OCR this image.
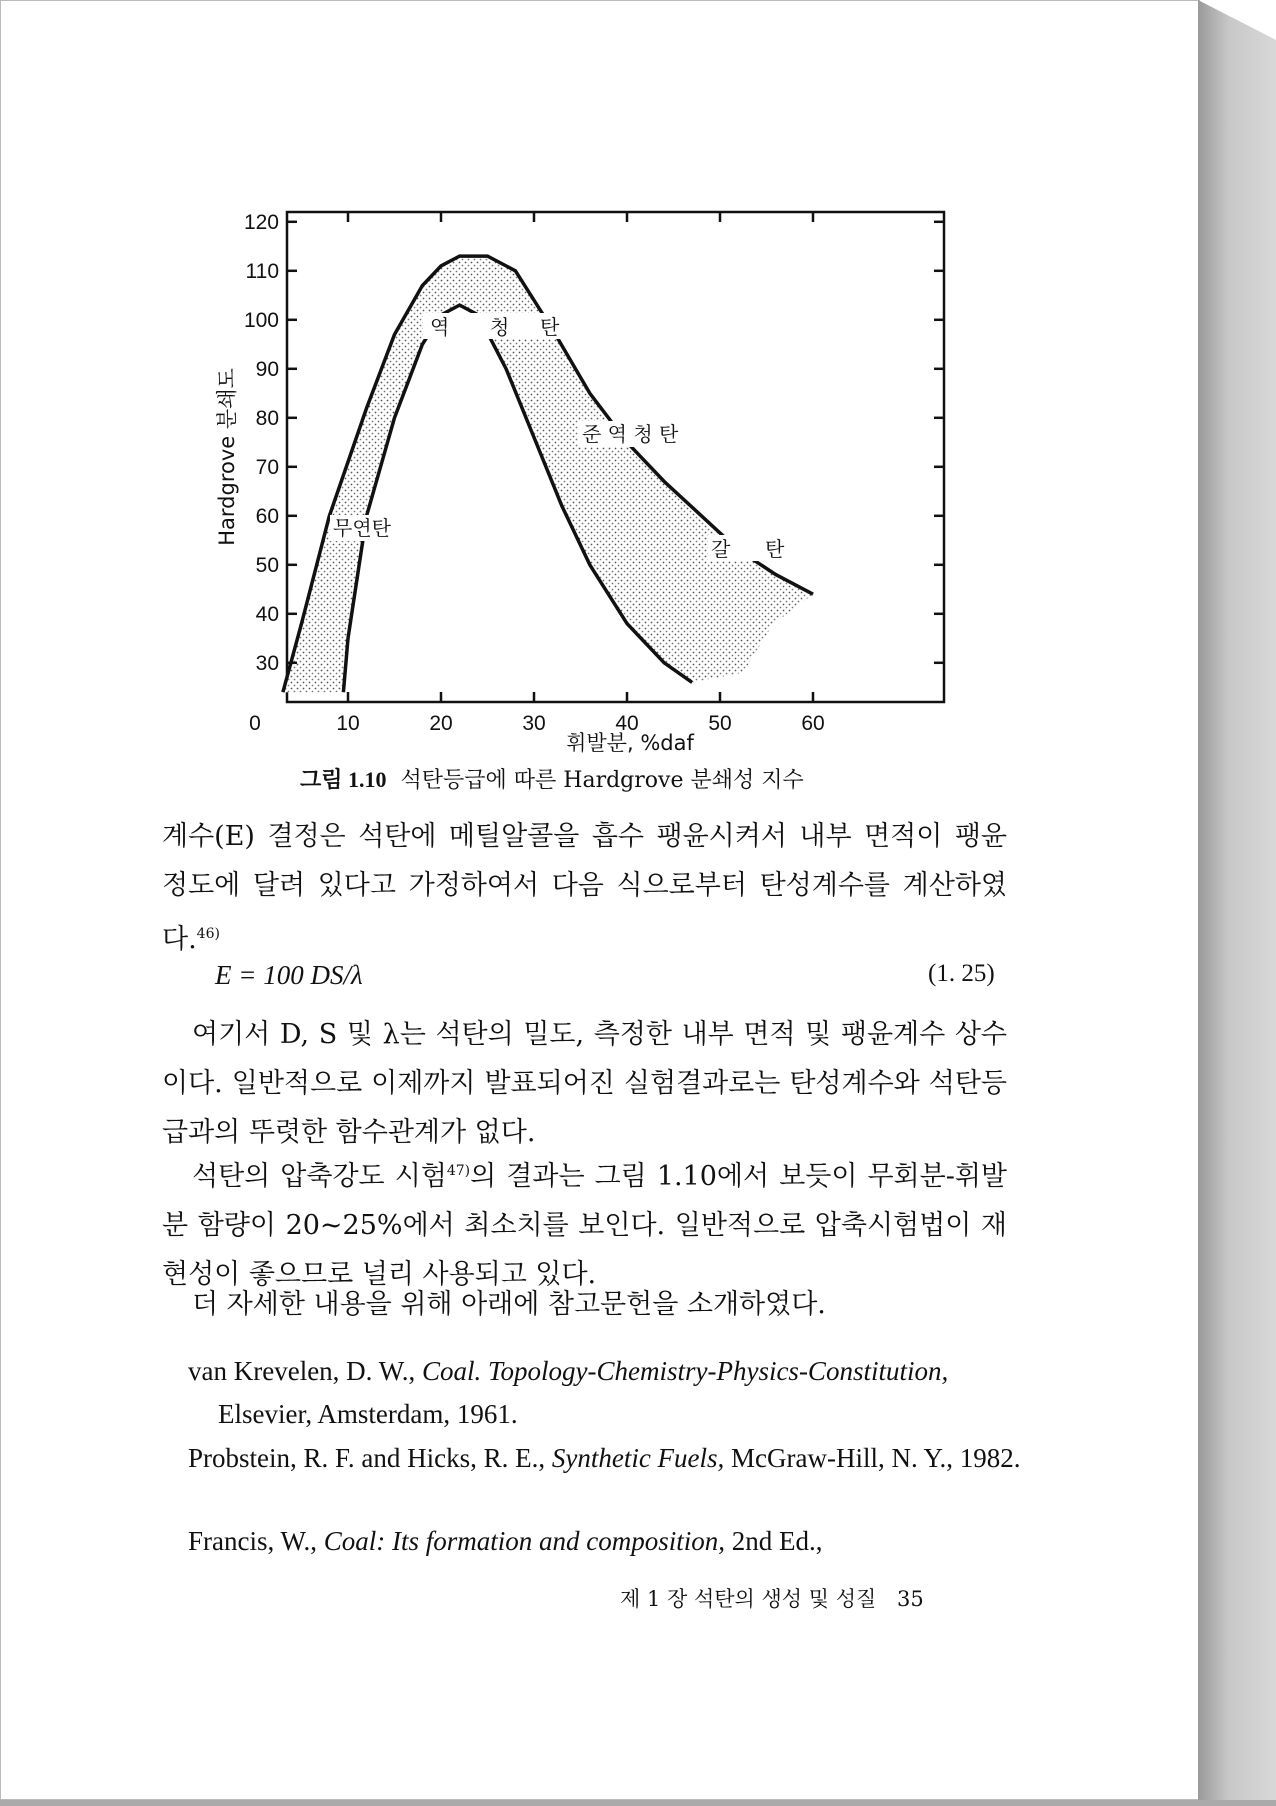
30
40
50
60
70
80
90
100
110
120
0	10	20	30	40	50	60
역 청 탄
준 역 청 탄
무연탄
갈 탄
휘발분, %daf
Hardgrove 분쇄도
그림 1.10 석탄등급에 따른 Hardgrove 분쇄성 지수

계수(E) 결정은 석탄에 메틸알콜을 흡수 팽윤시켜서 내부 면적이 팽윤 정도에 달려 있다고 가정하여서 다음 식으로부터 탄성계수를 계산하였다.$^{46)}$

E = 100 DS/λ	(1. 25)

여기서 D, S 및 λ는 석탄의 밀도, 측정한 내부 면적 및 팽윤계수 상수이다. 일반적으로 이제까지 발표되어진 실험결과로는 탄성계수와 석탄등급과의 뚜렷한 함수관계가 없다.

석탄의 압축강도 시험$^{47)}$의 결과는 그림 1.10에서 보듯이 무회분-휘발분 함량이 20~25%에서 최소치를 보인다. 일반적으로 압축시험법이 재현성이 좋으므로 널리 사용되고 있다.

더 자세한 내용을 위해 아래에 참고문헌을 소개하였다.

van Krevelen, D. W., Coal. Topology-Chemistry-Physics-Constitution, Elsevier, Amsterdam, 1961.

Probstein, R. F. and Hicks, R. E., Synthetic Fuels, McGraw-Hill, N. Y., 1982.

Francis, W., Coal: Its formation and composition, 2nd Ed.,

제 1 장 석탄의 생성 및 성질 35
